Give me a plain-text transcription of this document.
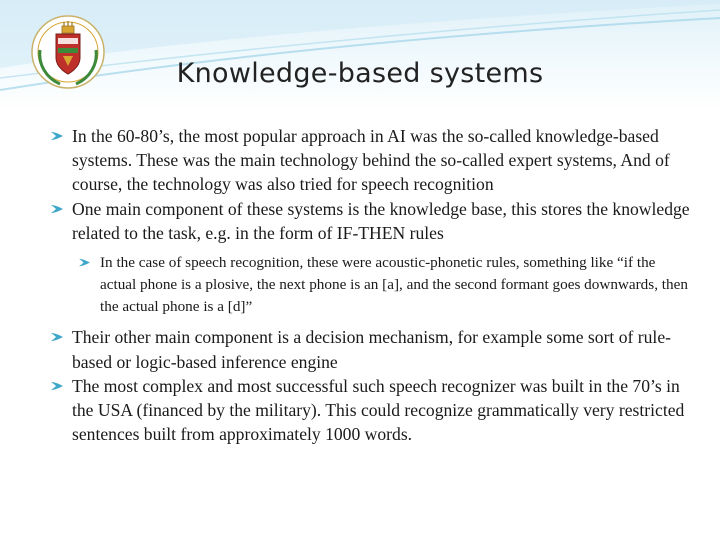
Knowledge-based systems

In the 60-80’s, the most popular approach in AI was the so-called knowledge-based systems. These was the main technology behind the so-called expert systems, And of course, the technology was also tried for speech recognition

One main component of these systems is the knowledge base, this stores the knowledge related to the task, e.g. in the form of IF-THEN rules

In the case of speech recognition, these were acoustic-phonetic rules, something like “if the actual phone is a plosive, the next phone is an [a], and the second formant goes downwards, then the actual phone is a [d]”

Their other main component is a decision mechanism, for example some sort of rule-based or logic-based inference engine

The most complex and most successful such speech recognizer was built in the 70’s in the USA (financed by the military). This could recognize grammatically very restricted sentences built from approximately 1000 words.
